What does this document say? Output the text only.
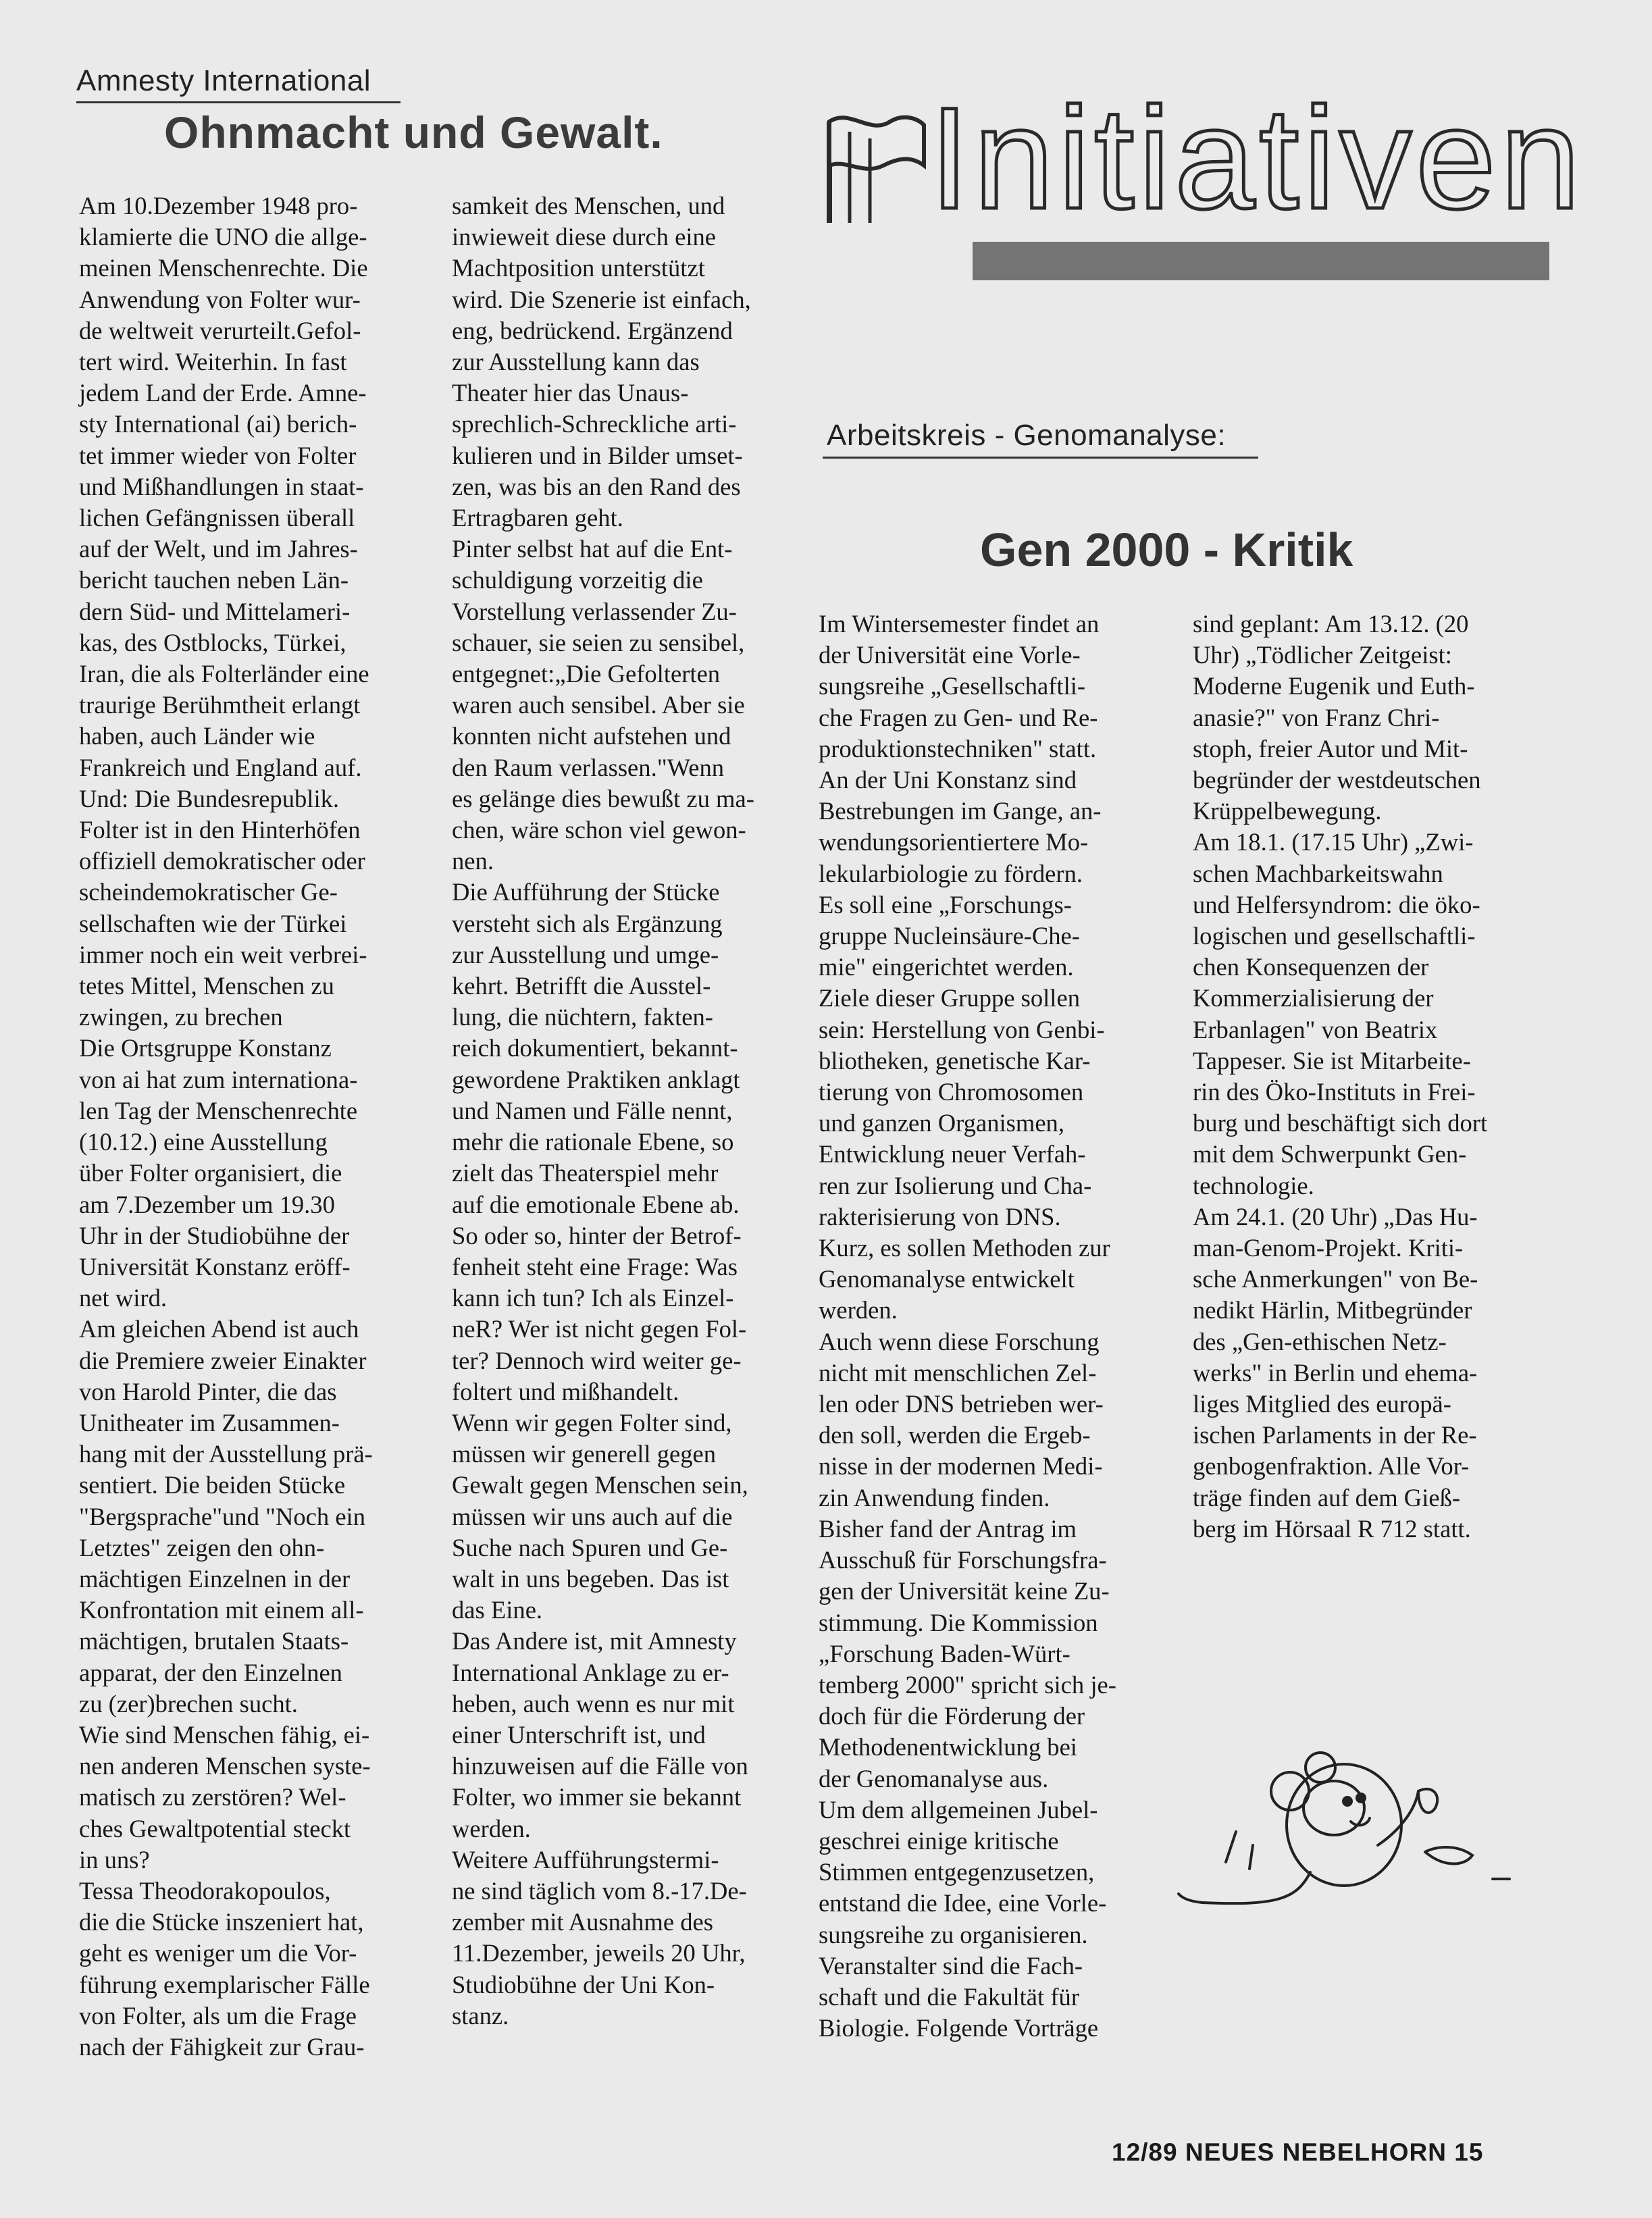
Amnesty International
Ohnmacht und Gewalt.

Am 10.Dezember 1948 pro-
klamierte die UNO die allge-
meinen Menschenrechte. Die
Anwendung von Folter wur-
de weltweit verurteilt.Gefol-
tert wird. Weiterhin. In fast
jedem Land der Erde. Amne-
sty International (ai) berich-
tet immer wieder von Folter
und Mißhandlungen in staat-
lichen Gefängnissen überall
auf der Welt, und im Jahres-
bericht tauchen neben Län-
dern Süd- und Mittelameri-
kas, des Ostblocks, Türkei,
Iran, die als Folterländer eine
traurige Berühmtheit erlangt
haben, auch Länder wie
Frankreich und England auf.
Und: Die Bundesrepublik.
Folter ist in den Hinterhöfen
offiziell demokratischer oder
scheindemokratischer Ge-
sellschaften wie der Türkei
immer noch ein weit verbrei-
tetes Mittel, Menschen zu
zwingen, zu brechen
Die Ortsgruppe Konstanz
von ai hat zum internationa-
len Tag der Menschenrechte
(10.12.) eine Ausstellung
über Folter organisiert, die
am 7.Dezember um 19.30
Uhr in der Studiobühne der
Universität Konstanz eröff-
net wird.
Am gleichen Abend ist auch
die Premiere zweier Einakter
von Harold Pinter, die das
Unitheater im Zusammen-
hang mit der Ausstellung prä-
sentiert. Die beiden Stücke
"Bergsprache"und "Noch ein
Letztes" zeigen den ohn-
mächtigen Einzelnen in der
Konfrontation mit einem all-
mächtigen, brutalen Staats-
apparat, der den Einzelnen
zu (zer)brechen sucht.
Wie sind Menschen fähig, ei-
nen anderen Menschen syste-
matisch zu zerstören? Wel-
ches Gewaltpotential steckt
in uns?
Tessa Theodorakopoulos,
die die Stücke inszeniert hat,
geht es weniger um die Vor-
führung exemplarischer Fälle
von Folter, als um die Frage
nach der Fähigkeit zur Grau-

samkeit des Menschen, und
inwieweit diese durch eine
Machtposition unterstützt
wird. Die Szenerie ist einfach,
eng, bedrückend. Ergänzend
zur Ausstellung kann das
Theater hier das Unaus-
sprechlich-Schreckliche arti-
kulieren und in Bilder umset-
zen, was bis an den Rand des
Ertragbaren geht.
Pinter selbst hat auf die Ent-
schuldigung vorzeitig die
Vorstellung verlassender Zu-
schauer, sie seien zu sensibel,
entgegnet:„Die Gefolterten
waren auch sensibel. Aber sie
konnten nicht aufstehen und
den Raum verlassen."Wenn
es gelänge dies bewußt zu ma-
chen, wäre schon viel gewon-
nen.
Die Aufführung der Stücke
versteht sich als Ergänzung
zur Ausstellung und umge-
kehrt. Betrifft die Ausstel-
lung, die nüchtern, fakten-
reich dokumentiert, bekannt-
gewordene Praktiken anklagt
und Namen und Fälle nennt,
mehr die rationale Ebene, so
zielt das Theaterspiel mehr
auf die emotionale Ebene ab.
So oder so, hinter der Betrof-
fenheit steht eine Frage: Was
kann ich tun? Ich als Einzel-
neR? Wer ist nicht gegen Fol-
ter? Dennoch wird weiter ge-
foltert und mißhandelt.
Wenn wir gegen Folter sind,
müssen wir generell gegen
Gewalt gegen Menschen sein,
müssen wir uns auch auf die
Suche nach Spuren und Ge-
walt in uns begeben. Das ist
das Eine.
Das Andere ist, mit Amnesty
International Anklage zu er-
heben, auch wenn es nur mit
einer Unterschrift ist, und
hinzuweisen auf die Fälle von
Folter, wo immer sie bekannt
werden.
Weitere Aufführungstermi-
ne sind täglich vom 8.-17.De-
zember mit Ausnahme des
11.Dezember, jeweils 20 Uhr,
Studiobühne der Uni Kon-
stanz.

Initiativen
Arbeitskreis - Genomanalyse:
Gen 2000 - Kritik

Im Wintersemester findet an
der Universität eine Vorle-
sungsreihe „Gesellschaftli-
che Fragen zu Gen- und Re-
produktionstechniken" statt.
An der Uni Konstanz sind
Bestrebungen im Gange, an-
wendungsorientiertere Mo-
lekularbiologie zu fördern.
Es soll eine „Forschungs-
gruppe Nucleinsäure-Che-
mie" eingerichtet werden.
Ziele dieser Gruppe sollen
sein: Herstellung von Genbi-
bliotheken, genetische Kar-
tierung von Chromosomen
und ganzen Organismen,
Entwicklung neuer Verfah-
ren zur Isolierung und Cha-
rakterisierung von DNS.
Kurz, es sollen Methoden zur
Genomanalyse entwickelt
werden.
Auch wenn diese Forschung
nicht mit menschlichen Zel-
len oder DNS betrieben wer-
den soll, werden die Ergeb-
nisse in der modernen Medi-
zin Anwendung finden.
Bisher fand der Antrag im
Ausschuß für Forschungsfra-
gen der Universität keine Zu-
stimmung. Die Kommission
„Forschung Baden-Würt-
temberg 2000" spricht sich je-
doch für die Förderung der
Methodenentwicklung bei
der Genomanalyse aus.
Um dem allgemeinen Jubel-
geschrei einige kritische
Stimmen entgegenzusetzen,
entstand die Idee, eine Vorle-
sungsreihe zu organisieren.
Veranstalter sind die Fach-
schaft und die Fakultät für
Biologie. Folgende Vorträge

sind geplant: Am 13.12. (20
Uhr) „Tödlicher Zeitgeist:
Moderne Eugenik und Euth-
anasie?" von Franz Chri-
stoph, freier Autor und Mit-
begründer der westdeutschen
Krüppelbewegung.
Am 18.1. (17.15 Uhr) „Zwi-
schen Machbarkeitswahn
und Helfersyndrom: die öko-
logischen und gesellschaftli-
chen Konsequenzen der
Kommerzialisierung der
Erbanlagen" von Beatrix
Tappeser. Sie ist Mitarbeite-
rin des Öko-Instituts in Frei-
burg und beschäftigt sich dort
mit dem Schwerpunkt Gen-
technologie.
Am 24.1. (20 Uhr) „Das Hu-
man-Genom-Projekt. Kriti-
sche Anmerkungen" von Be-
nedikt Härlin, Mitbegründer
des „Gen-ethischen Netz-
werks" in Berlin und ehema-
liges Mitglied des europä-
ischen Parlaments in der Re-
genbogenfraktion. Alle Vor-
träge finden auf dem Gieß-
berg im Hörsaal R 712 statt.

12/89 NEUES NEBELHORN 15
